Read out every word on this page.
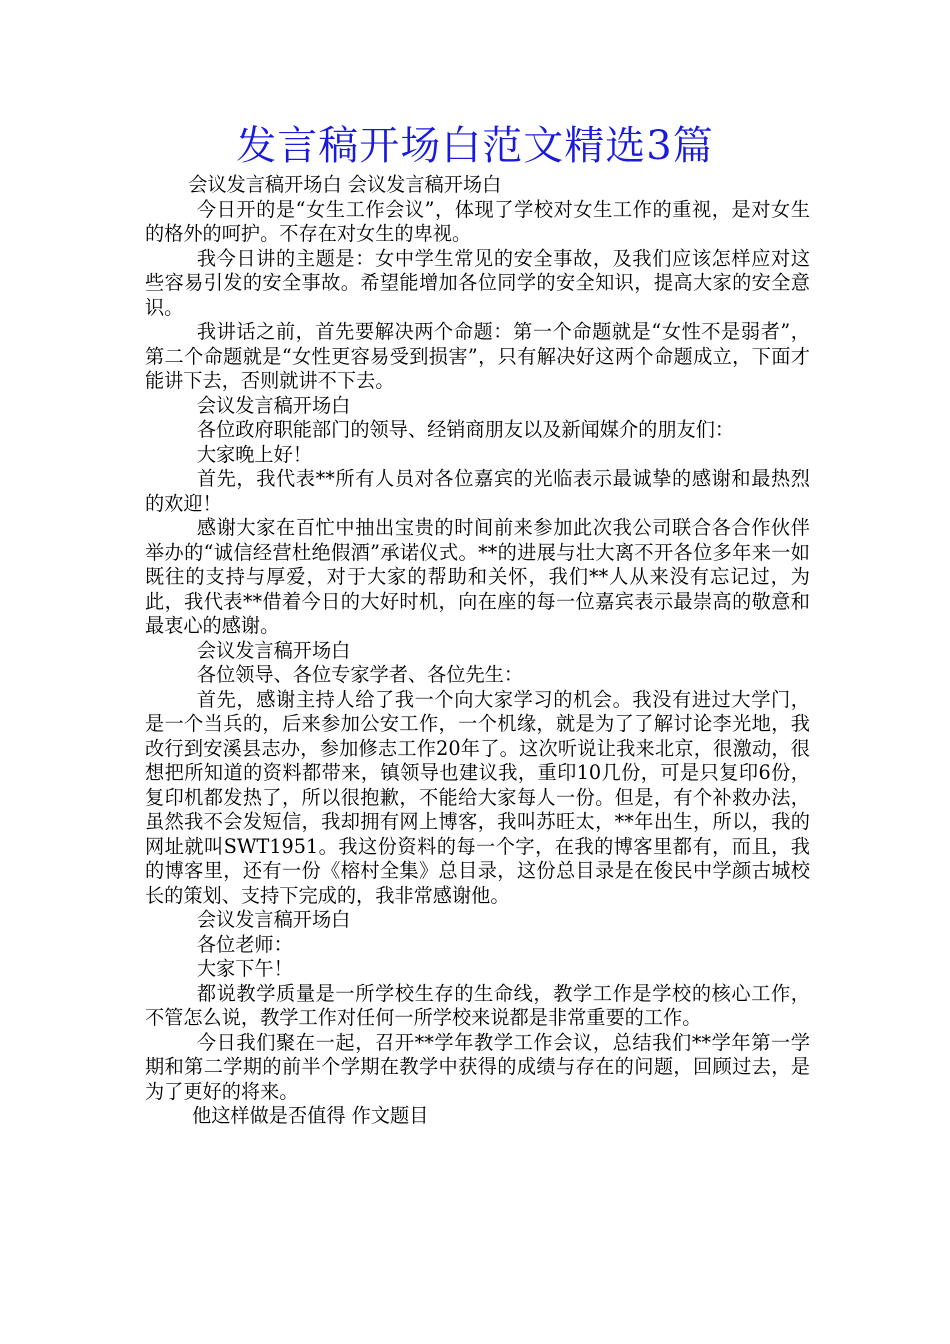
发言稿开场白范文精选3篇

会议发言稿开场白 会议发言稿开场白

今日开的是“女生工作会议”，体现了学校对女生工作的重视，是对女生的格外的呵护。不存在对女生的卑视。

我今日讲的主题是：女中学生常见的安全事故，及我们应该怎样应对这些容易引发的安全事故。希望能增加各位同学的安全知识，提高大家的安全意识。

我讲话之前，首先要解决两个命题：第一个命题就是“女性不是弱者”，第二个命题就是“女性更容易受到损害”，只有解决好这两个命题成立，下面才能讲下去，否则就讲不下去。

会议发言稿开场白

各位政府职能部门的领导、经销商朋友以及新闻媒介的朋友们：

大家晚上好！

首先，我代表**所有人员对各位嘉宾的光临表示最诚挚的感谢和最热烈的欢迎！

感谢大家在百忙中抽出宝贵的时间前来参加此次我公司联合各合作伙伴举办的“诚信经营杜绝假酒”承诺仪式。**的进展与壮大离不开各位多年来一如既往的支持与厚爱，对于大家的帮助和关怀，我们**人从来没有忘记过，为此，我代表**借着今日的大好时机，向在座的每一位嘉宾表示最崇高的敬意和最衷心的感谢。

会议发言稿开场白

各位领导、各位专家学者、各位先生：

首先，感谢主持人给了我一个向大家学习的机会。我没有进过大学门，是一个当兵的，后来参加公安工作，一个机缘，就是为了了解讨论李光地，我改行到安溪县志办，参加修志工作20年了。这次听说让我来北京，很激动，很想把所知道的资料都带来，镇领导也建议我，重印10几份，可是只复印6份，复印机都发热了，所以很抱歉，不能给大家每人一份。但是，有个补救办法，虽然我不会发短信，我却拥有网上博客，我叫苏旺太，**年出生，所以，我的网址就叫SWT1951。我这份资料的每一个字，在我的博客里都有，而且，我的博客里，还有一份《榕村全集》总目录，这份总目录是在俊民中学颜古城校长的策划、支持下完成的，我非常感谢他。

会议发言稿开场白

各位老师：

大家下午！

都说教学质量是一所学校生存的生命线，教学工作是学校的核心工作，不管怎么说，教学工作对任何一所学校来说都是非常重要的工作。

今日我们聚在一起，召开**学年教学工作会议，总结我们**学年第一学期和第二学期的前半个学期在教学中获得的成绩与存在的问题，回顾过去，是为了更好的将来。

他这样做是否值得 作文题目
